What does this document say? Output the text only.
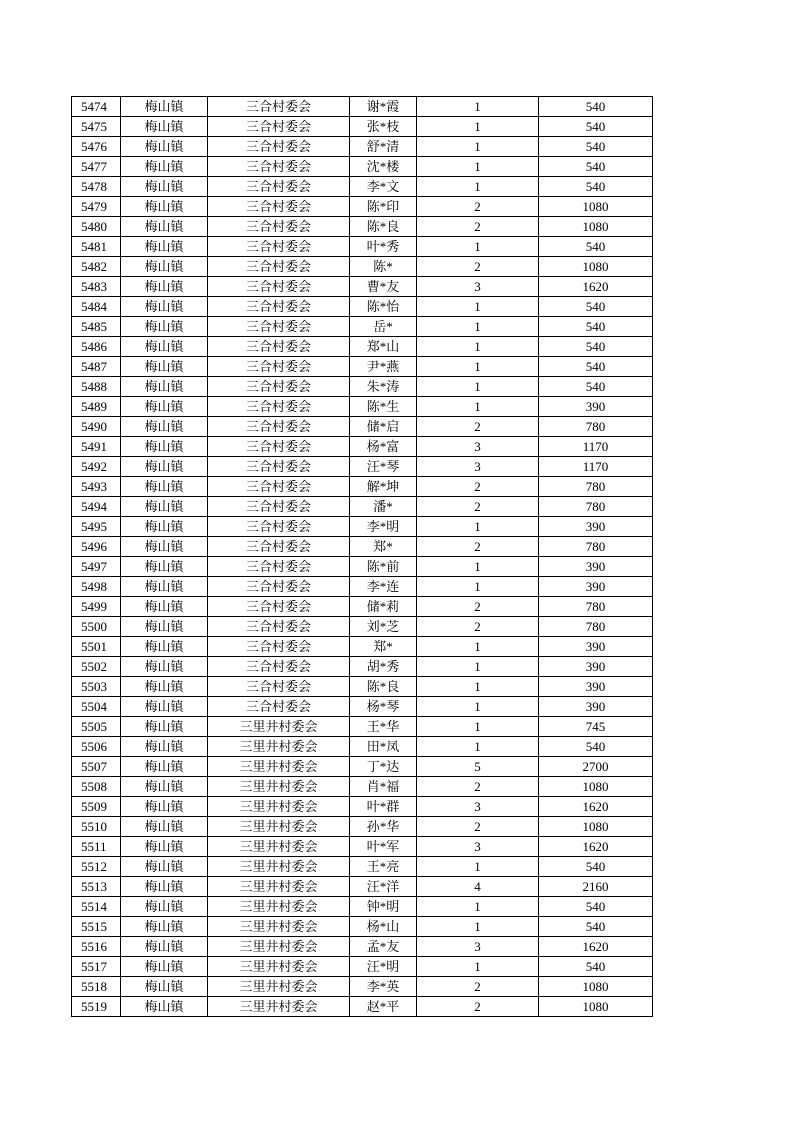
5474	梅山镇	三合村委会	谢*霞	1	540
5475	梅山镇	三合村委会	张*枝	1	540
5476	梅山镇	三合村委会	舒*清	1	540
5477	梅山镇	三合村委会	沈*楼	1	540
5478	梅山镇	三合村委会	李*文	1	540
5479	梅山镇	三合村委会	陈*印	2	1080
5480	梅山镇	三合村委会	陈*良	2	1080
5481	梅山镇	三合村委会	叶*秀	1	540
5482	梅山镇	三合村委会	陈*	2	1080
5483	梅山镇	三合村委会	曹*友	3	1620
5484	梅山镇	三合村委会	陈*怡	1	540
5485	梅山镇	三合村委会	岳*	1	540
5486	梅山镇	三合村委会	郑*山	1	540
5487	梅山镇	三合村委会	尹*燕	1	540
5488	梅山镇	三合村委会	朱*涛	1	540
5489	梅山镇	三合村委会	陈*生	1	390
5490	梅山镇	三合村委会	储*启	2	780
5491	梅山镇	三合村委会	杨*富	3	1170
5492	梅山镇	三合村委会	汪*琴	3	1170
5493	梅山镇	三合村委会	解*坤	2	780
5494	梅山镇	三合村委会	潘*	2	780
5495	梅山镇	三合村委会	李*明	1	390
5496	梅山镇	三合村委会	郑*	2	780
5497	梅山镇	三合村委会	陈*前	1	390
5498	梅山镇	三合村委会	李*连	1	390
5499	梅山镇	三合村委会	储*莉	2	780
5500	梅山镇	三合村委会	刘*芝	2	780
5501	梅山镇	三合村委会	郑*	1	390
5502	梅山镇	三合村委会	胡*秀	1	390
5503	梅山镇	三合村委会	陈*良	1	390
5504	梅山镇	三合村委会	杨*琴	1	390
5505	梅山镇	三里井村委会	王*华	1	745
5506	梅山镇	三里井村委会	田*凤	1	540
5507	梅山镇	三里井村委会	丁*达	5	2700
5508	梅山镇	三里井村委会	肖*福	2	1080
5509	梅山镇	三里井村委会	叶*群	3	1620
5510	梅山镇	三里井村委会	孙*华	2	1080
5511	梅山镇	三里井村委会	叶*军	3	1620
5512	梅山镇	三里井村委会	王*亮	1	540
5513	梅山镇	三里井村委会	汪*洋	4	2160
5514	梅山镇	三里井村委会	钟*明	1	540
5515	梅山镇	三里井村委会	杨*山	1	540
5516	梅山镇	三里井村委会	孟*友	3	1620
5517	梅山镇	三里井村委会	汪*明	1	540
5518	梅山镇	三里井村委会	李*英	2	1080
5519	梅山镇	三里井村委会	赵*平	2	1080
